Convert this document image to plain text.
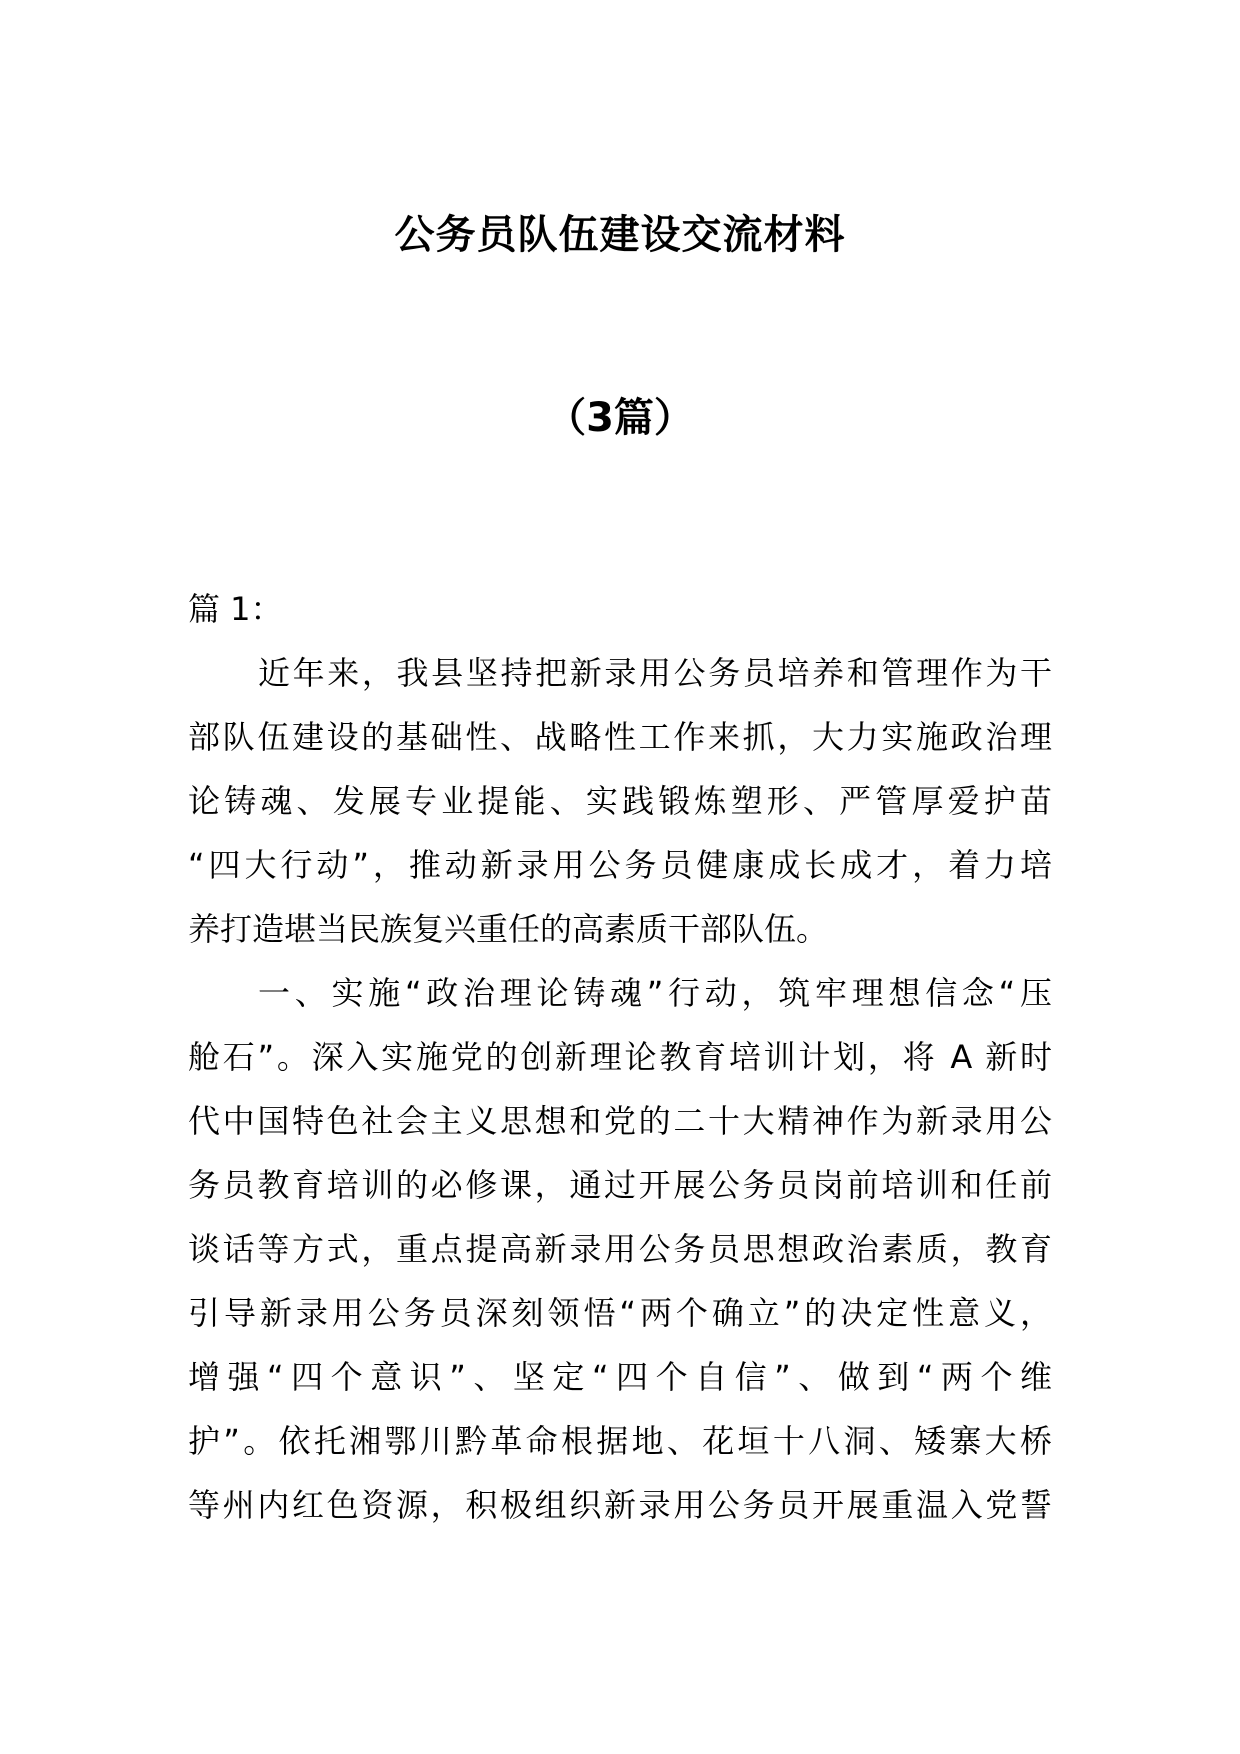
公务员队伍建设交流材料
（3篇）
篇 1：
近年来，我县坚持把新录用公务员培养和管理作为干
部队伍建设的基础性、战略性工作来抓，大力实施政治理
论铸魂、发展专业提能、实践锻炼塑形、严管厚爱护苗
“四大行动”，推动新录用公务员健康成长成才，着力培
养打造堪当民族复兴重任的高素质干部队伍。
一、实施“政治理论铸魂”行动，筑牢理想信念“压
舱石”。深入实施党的创新理论教育培训计划，将 A 新时
代中国特色社会主义思想和党的二十大精神作为新录用公
务员教育培训的必修课，通过开展公务员岗前培训和任前
谈话等方式，重点提高新录用公务员思想政治素质，教育
引导新录用公务员深刻领悟“两个确立”的决定性意义，
增强“四个意识”、坚定“四个自信”、做到“两个维
护”。依托湘鄂川黔革命根据地、花垣十八洞、矮寨大桥
等州内红色资源，积极组织新录用公务员开展重温入党誓
